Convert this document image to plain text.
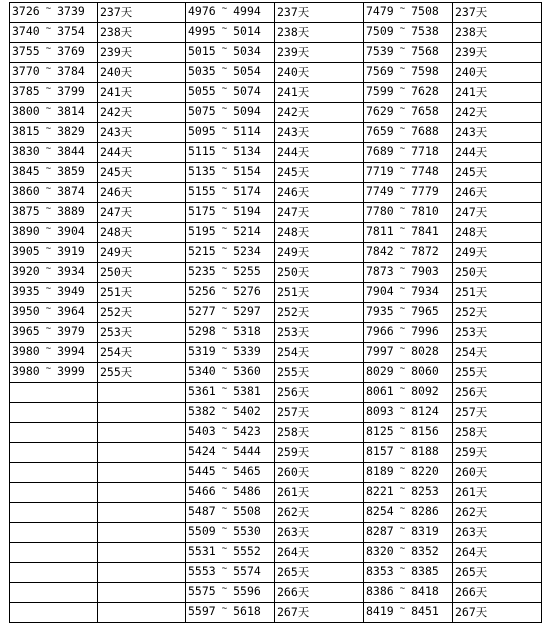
3726 ~ 3739	237天	4976 ~ 4994	237天	7479 ~ 7508	237天
3740 ~ 3754	238天	4995 ~ 5014	238天	7509 ~ 7538	238天
3755 ~ 3769	239天	5015 ~ 5034	239天	7539 ~ 7568	239天
3770 ~ 3784	240天	5035 ~ 5054	240天	7569 ~ 7598	240天
3785 ~ 3799	241天	5055 ~ 5074	241天	7599 ~ 7628	241天
3800 ~ 3814	242天	5075 ~ 5094	242天	7629 ~ 7658	242天
3815 ~ 3829	243天	5095 ~ 5114	243天	7659 ~ 7688	243天
3830 ~ 3844	244天	5115 ~ 5134	244天	7689 ~ 7718	244天
3845 ~ 3859	245天	5135 ~ 5154	245天	7719 ~ 7748	245天
3860 ~ 3874	246天	5155 ~ 5174	246天	7749 ~ 7779	246天
3875 ~ 3889	247天	5175 ~ 5194	247天	7780 ~ 7810	247天
3890 ~ 3904	248天	5195 ~ 5214	248天	7811 ~ 7841	248天
3905 ~ 3919	249天	5215 ~ 5234	249天	7842 ~ 7872	249天
3920 ~ 3934	250天	5235 ~ 5255	250天	7873 ~ 7903	250天
3935 ~ 3949	251天	5256 ~ 5276	251天	7904 ~ 7934	251天
3950 ~ 3964	252天	5277 ~ 5297	252天	7935 ~ 7965	252天
3965 ~ 3979	253天	5298 ~ 5318	253天	7966 ~ 7996	253天
3980 ~ 3994	254天	5319 ~ 5339	254天	7997 ~ 8028	254天
3980 ~ 3999	255天	5340 ~ 5360	255天	8029 ~ 8060	255天
		5361 ~ 5381	256天	8061 ~ 8092	256天
		5382 ~ 5402	257天	8093 ~ 8124	257天
		5403 ~ 5423	258天	8125 ~ 8156	258天
		5424 ~ 5444	259天	8157 ~ 8188	259天
		5445 ~ 5465	260天	8189 ~ 8220	260天
		5466 ~ 5486	261天	8221 ~ 8253	261天
		5487 ~ 5508	262天	8254 ~ 8286	262天
		5509 ~ 5530	263天	8287 ~ 8319	263天
		5531 ~ 5552	264天	8320 ~ 8352	264天
		5553 ~ 5574	265天	8353 ~ 8385	265天
		5575 ~ 5596	266天	8386 ~ 8418	266天
		5597 ~ 5618	267天	8419 ~ 8451	267天
